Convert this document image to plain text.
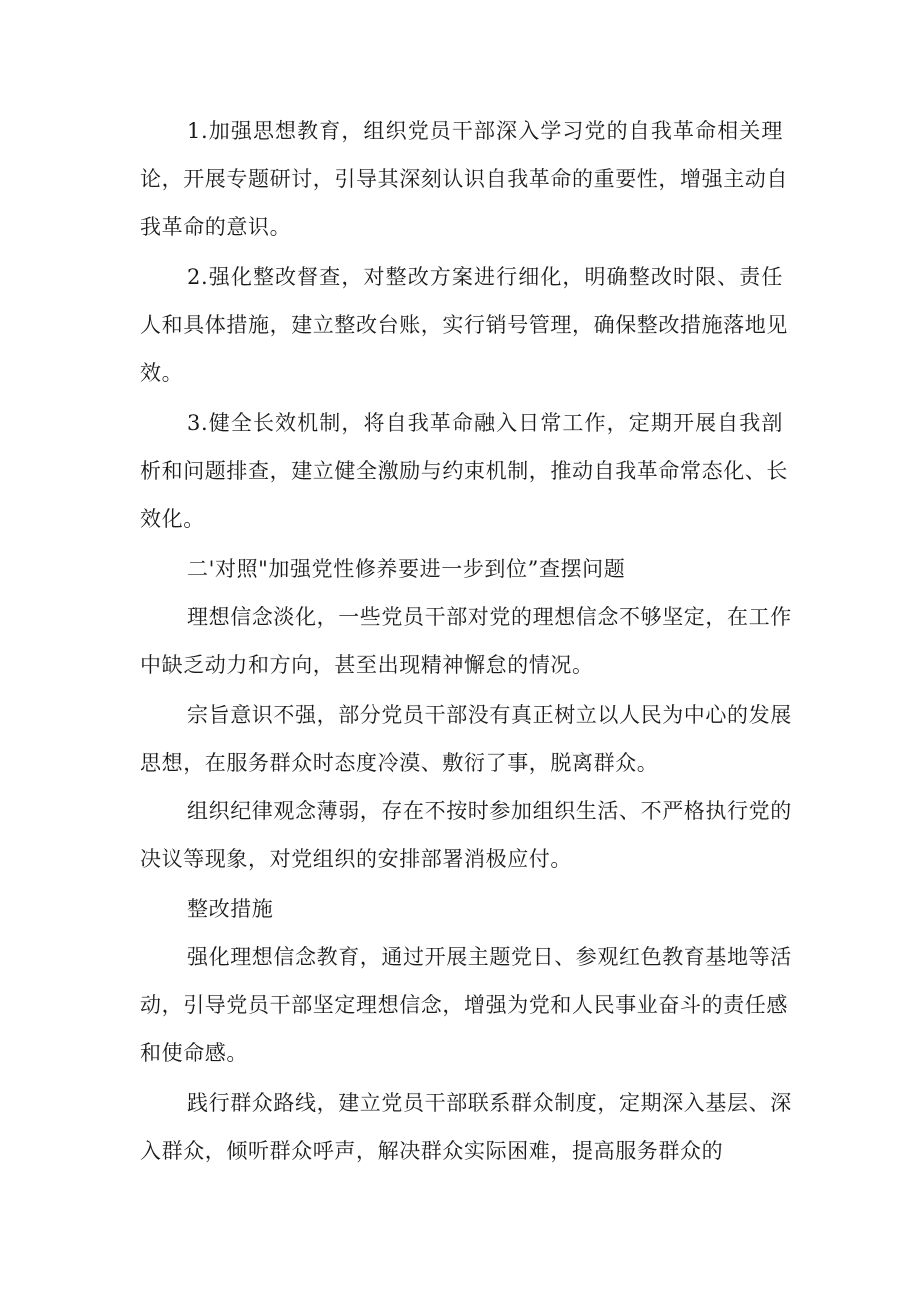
1.加强思想教育，组织党员干部深入学习党的自我革命相关理
论，开展专题研讨，引导其深刻认识自我革命的重要性，增强主动自
我革命的意识。
2.强化整改督查，对整改方案进行细化，明确整改时限、责任
人和具体措施，建立整改台账，实行销号管理，确保整改措施落地见
效。
3.健全长效机制，将自我革命融入日常工作，定期开展自我剖
析和问题排查，建立健全激励与约束机制，推动自我革命常态化、长
效化。
二'对照"加强党性修养要进一步到位”查摆问题
理想信念淡化，一些党员干部对党的理想信念不够坚定，在工作
中缺乏动力和方向，甚至出现精神懈怠的情况。
宗旨意识不强，部分党员干部没有真正树立以人民为中心的发展
思想，在服务群众时态度冷漠、敷衍了事，脱离群众。
组织纪律观念薄弱，存在不按时参加组织生活、不严格执行党的
决议等现象，对党组织的安排部署消极应付。
整改措施
强化理想信念教育，通过开展主题党日、参观红色教育基地等活
动，引导党员干部坚定理想信念，增强为党和人民事业奋斗的责任感
和使命感。
践行群众路线，建立党员干部联系群众制度，定期深入基层、深
入群众，倾听群众呼声，解决群众实际困难，提高服务群众的
